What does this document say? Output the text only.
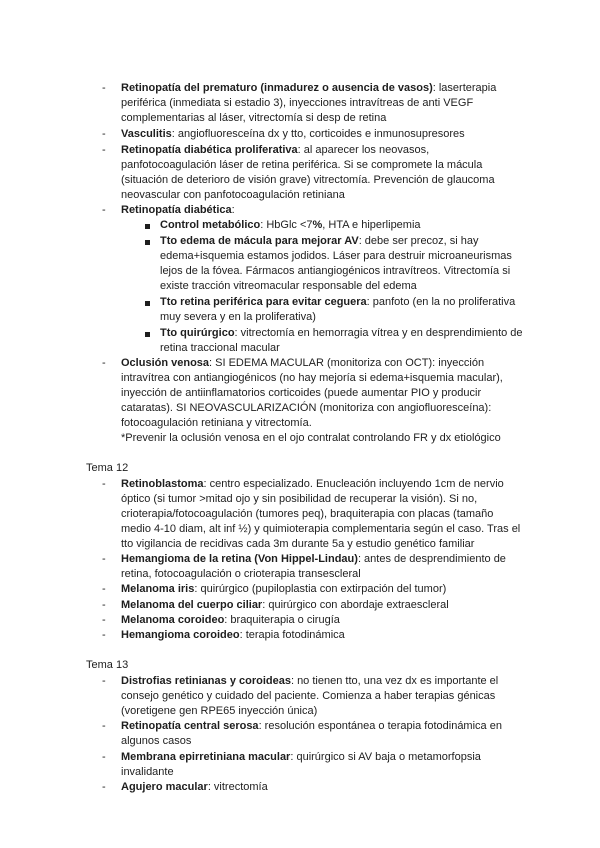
- Retinopatía del prematuro (inmadurez o ausencia de vasos): laserterapia
periférica (inmediata si estadio 3), inyecciones intravítreas de anti VEGF
complementarias al láser, vitrectomía si desp de retina
- Vasculitis: angiofluoresceína dx y tto, corticoides e inmunosupresores
- Retinopatía diabética proliferativa: al aparecer los neovasos,
panfotocoagulación láser de retina periférica. Si se compromete la mácula
(situación de deterioro de visión grave) vitrectomía. Prevención de glaucoma
neovascular con panfotocoagulación retiniana
- Retinopatía diabética:
Control metabólico: HbGlc <7%, HTA e hiperlipemia
Tto edema de mácula para mejorar AV: debe ser precoz, si hay
edema+isquemia estamos jodidos. Láser para destruir microaneurismas
lejos de la fóvea. Fármacos antiangiogénicos intravítreos. Vitrectomía si
existe tracción vitreomacular responsable del edema
Tto retina periférica para evitar ceguera: panfoto (en la no proliferativa
muy severa y en la proliferativa)
Tto quirúrgico: vitrectomía en hemorragia vítrea y en desprendimiento de
retina traccional macular
- Oclusión venosa: SI EDEMA MACULAR (monitoriza con OCT): inyección
intravítrea con antiangiogénicos (no hay mejoría si edema+isquemia macular),
inyección de antiinflamatorios corticoides (puede aumentar PIO y producir
cataratas). SI NEOVASCULARIZACIÓN (monitoriza con angiofluoresceína):
fotocoagulación retiniana y vitrectomía.
*Prevenir la oclusión venosa en el ojo contralat controlando FR y dx etiológico
Tema 12
- Retinoblastoma: centro especializado. Enucleación incluyendo 1cm de nervio
óptico (si tumor >mitad ojo y sin posibilidad de recuperar la visión). Si no,
crioterapia/fotocoagulación (tumores peq), braquiterapia con placas (tamaño
medio 4-10 diam, alt inf ½) y quimioterapia complementaria según el caso. Tras el
tto vigilancia de recidivas cada 3m durante 5a y estudio genético familiar
- Hemangioma de la retina (Von Hippel-Lindau): antes de desprendimiento de
retina, fotocoagulación o crioterapia transescleral
- Melanoma iris: quirúrgico (pupiloplastia con extirpación del tumor)
- Melanoma del cuerpo ciliar: quirúrgico con abordaje extraescleral
- Melanoma coroideo: braquiterapia o cirugía
- Hemangioma coroideo: terapia fotodinámica
Tema 13
- Distrofias retinianas y coroideas: no tienen tto, una vez dx es importante el
consejo genético y cuidado del paciente. Comienza a haber terapias génicas
(voretigene gen RPE65 inyección única)
- Retinopatía central serosa: resolución espontánea o terapia fotodinámica en
algunos casos
- Membrana epirretiniana macular: quirúrgico si AV baja o metamorfopsia
invalidante
- Agujero macular: vitrectomía
